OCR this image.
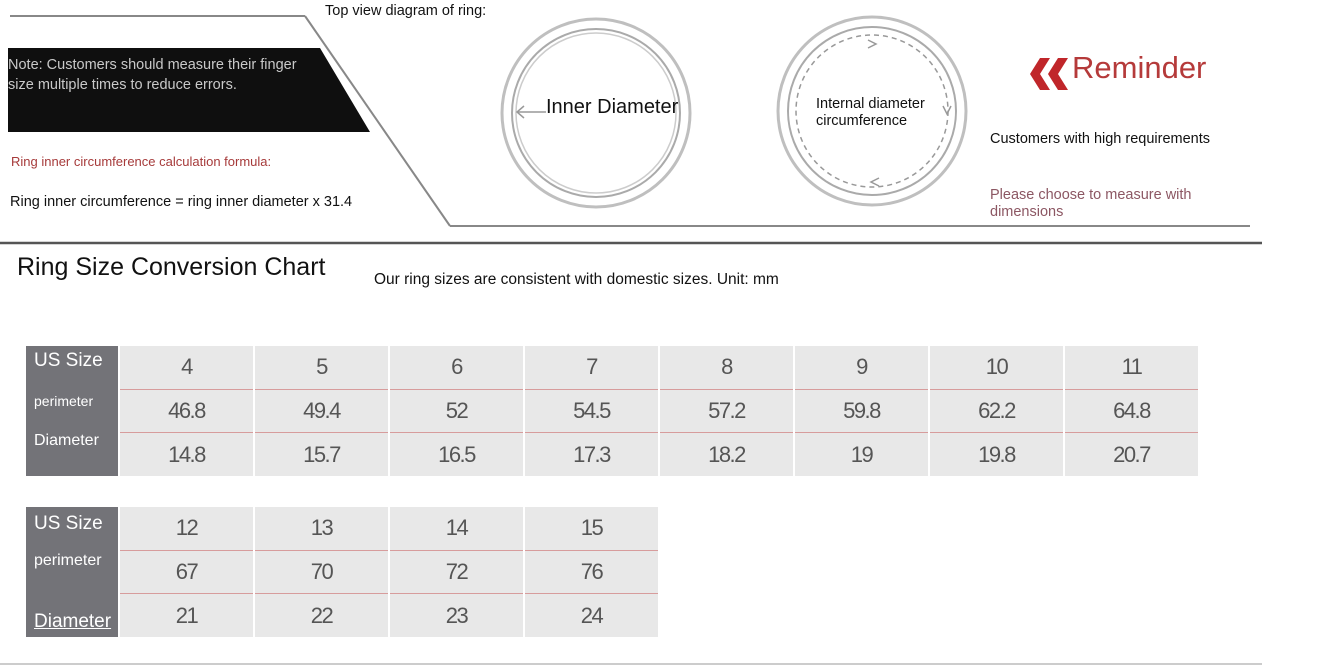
Note: Customers should measure their finger size multiple times to reduce errors.
Ring inner circumference calculation formula:
Ring inner circumference = ring inner diameter x 31.4
Top view diagram of ring:
Inner Diameter	Internal diameter
circumference
Reminder
Customers with high requirements
Please choose to measure with dimensions
Ring Size Conversion Chart	Our ring sizes are consistent with domestic sizes. Unit: mm
US Size
perimeter
Diameter
4
46.8
14.8
5
49.4
15.7
6
52
16.5
7
54.5
17.3
8
57.2
18.2
9
59.8
19
10
62.2
19.8
11
64.8
20.7
US Size
perimeter
Diameter
12
67
21
13
70
22
14
72
23
15
76
24
